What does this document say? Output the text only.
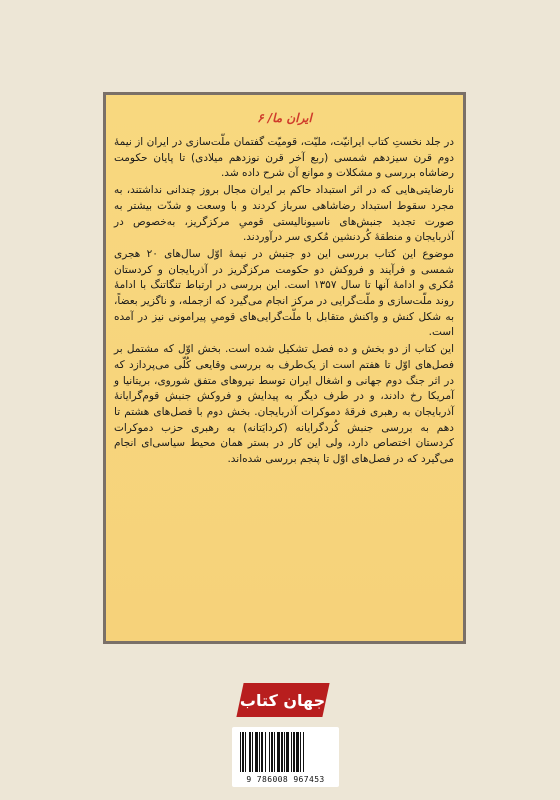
ایران ما/ ۶

در جلد نخستِ کتاب ایرانیّت، ملیّت، قومیّت گفتمان ملّت‌سازی در ایران از نیمهٔ دوم قرن سیزدهم شمسی (ربع آخر قرن نوزدهم میلادی) تا پایان حکومت رضاشاه بررسی و مشکلات و موانع آن شرح داده شد.

نارضایتی‌هایی که در اثر استبداد حاکم بر ایران مجال بروز چندانی نداشتند، به مجرد سقوط استبداد رضاشاهی سرباز کردند و با وسعت و شدّت بیشتر به صورت تجدید جنبش‌های ناسیونالیستی قومیِ مرکزگریز، به‌خصوص در آذربایجان و منطقهٔ کُردنشین مُکری سر درآوردند.

موضوع این کتاب بررسی این دو جنبش در نیمهٔ اوّل سال‌های ۲۰ هجری شمسی و فرآیند و فروکش دو حکومت مرکزگریز در آذربایجان و کردستان مُکری و ادامهٔ آنها تا سال ۱۳۵۷ است. این بررسی در ارتباط تنگاتنگ با ادامهٔ روند ملّت‌سازی و ملّت‌گرایی در مرکز انجام می‌گیرد که ازجمله، و ناگزیر بعضاً، به شکل کنش و واکنش متقابل با ملّت‌گرایی‌های قومیِ پیرامونی نیز در آمده است.

این کتاب از دو بخش و ده فصل تشکیل شده است. بخش اوّل که مشتمل بر فصل‌های اوّل تا هفتم است از یک‌طرف به بررسی وقایعی کُلّی می‌پردازد که در اثر جنگ دوم جهانی و اشغال ایران توسط نیروهای متفق شوروی، بریتانیا و آمریکا رخ دادند، و در طرف دیگر به پیدایش و فروکش جنبش قوم‌گرایانهٔ آذربایجان به رهبری فرقهٔ دموکرات آذربایجان. بخش دوم با فصل‌های هشتم تا دهم به بررسی جنبش کُردگرایانه (کردایَتانه) به رهبری حزب دموکرات کردستان اختصاص دارد، ولی این کار در بستر همان محیط سیاسی‌ای انجام می‌گیرد که در فصل‌های اوّل تا پنجم بررسی شده‌اند.

جهان کتاب
9 786008 967453
